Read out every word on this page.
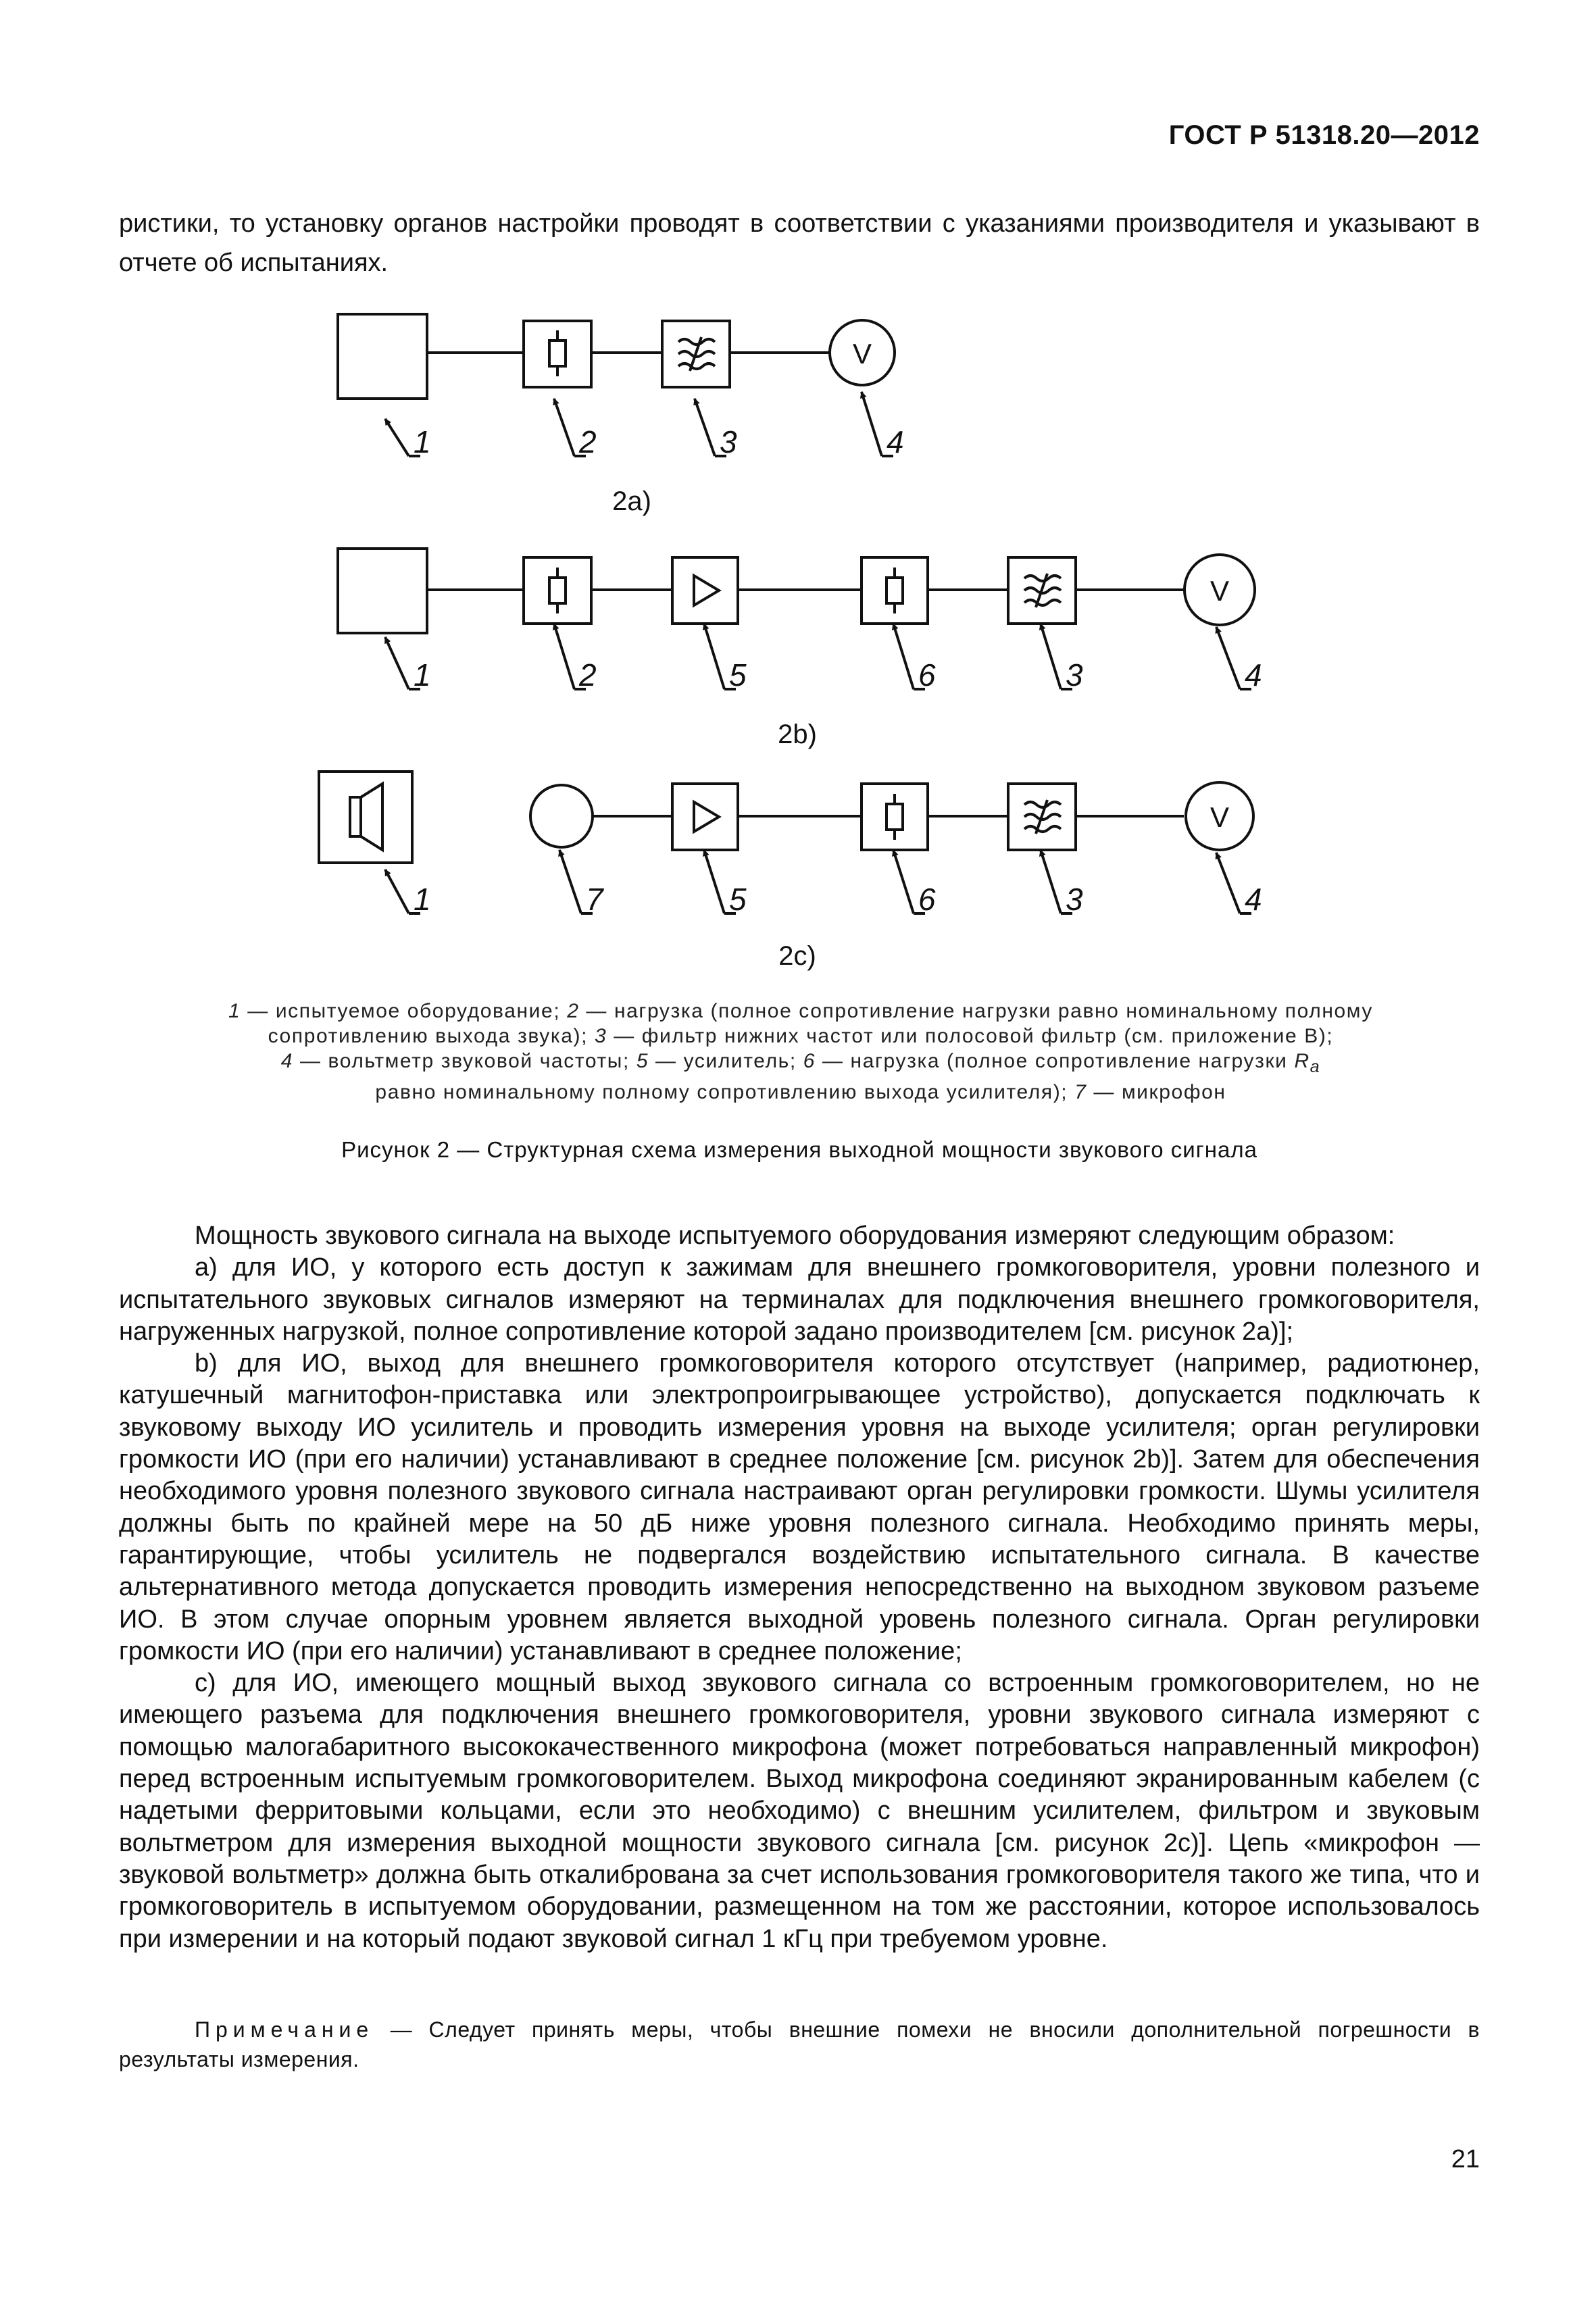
ГОСТ Р 51318.20—2012
ристики, то установку органов настройки проводят в соответствии с указаниями производителя и указывают в отчете об испытаниях.
V
V
V
1	2	3	4
1	2	5	6	3	4
1	7	5	6	3	4
2a)
2b)
2c)
1 — испытуемое оборудование; 2 — нагрузка (полное сопротивление нагрузки равно номинальному полному сопротивлению выхода звука); 3 — фильтр нижних частот или полосовой фильтр (см. приложение В);
4 — вольтметр звуковой частоты; 5 — усилитель; 6 — нагрузка (полное сопротивление нагрузки $R_a$
равно номинальному полному сопротивлению выхода усилителя); 7 — микрофон
Рисунок 2 — Структурная схема измерения выходной мощности звукового сигнала

Мощность звукового сигнала на выходе испытуемого оборудования измеряют следующим образом:

а) для ИО, у которого есть доступ к зажимам для внешнего громкоговорителя, уровни полезного и испытательного звуковых сигналов измеряют на терминалах для подключения внешнего громкоговорителя, нагруженных нагрузкой, полное сопротивление которой задано производителем [см. рисунок 2а)];

b) для ИО, выход для внешнего громкоговорителя которого отсутствует (например, радиотюнер, катушечный магнитофон-приставка или электропроигрывающее устройство), допускается подключать к звуковому выходу ИО усилитель и проводить измерения уровня на выходе усилителя; орган регулировки громкости ИО (при его наличии) устанавливают в среднее положение [см. рисунок 2b)]. Затем для обеспечения необходимого уровня полезного звукового сигнала настраивают орган регулировки громкости. Шумы усилителя должны быть по крайней мере на 50 дБ ниже уровня полезного сигнала. Необходимо принять меры, гарантирующие, чтобы усилитель не подвергался воздействию испытательного сигнала. В качестве альтернативного метода допускается проводить измерения непосредственно на выходном звуковом разъеме ИО. В этом случае опорным уровнем является выходной уровень полезного сигнала. Орган регулировки громкости ИО (при его наличии) устанавливают в среднее положение;

с) для ИО, имеющего мощный выход звукового сигнала со встроенным громкоговорителем, но не имеющего разъема для подключения внешнего громкоговорителя, уровни звукового сигнала измеряют с помощью малогабаритного высококачественного микрофона (может потребоваться направленный микрофон) перед встроенным испытуемым громкоговорителем. Выход микрофона соединяют экранированным кабелем (с надетыми ферритовыми кольцами, если это необходимо) с внешним усилителем, фильтром и звуковым вольтметром для измерения выходной мощности звукового сигнала [см. рисунок 2с)]. Цепь «микрофон — звуковой вольтметр» должна быть откалибрована за счет использования громкоговорителя такого же типа, что и громкоговоритель в испытуемом оборудовании, размещенном на том же расстоянии, которое использовалось при измерении и на который подают звуковой сигнал 1 кГц при требуемом уровне.

Примечание — Следует принять меры, чтобы внешние помехи не вносили дополнительной погрешности в результаты измерения.
21
